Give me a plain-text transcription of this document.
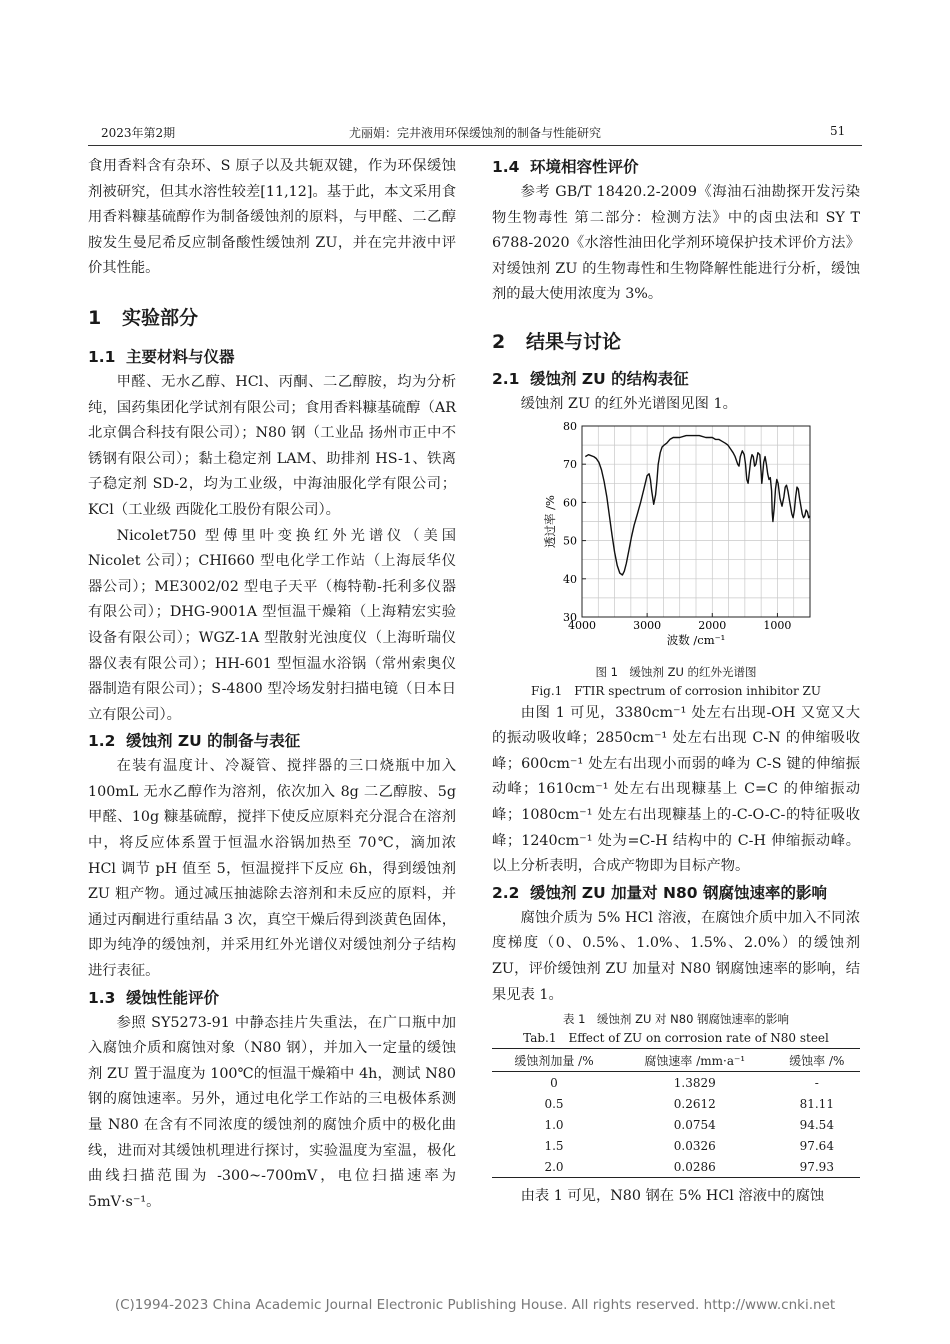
2023年第2期	尤丽娟：完井液用环保缓蚀剂的制备与性能研究	51

食用香料含有杂环、S 原子以及共轭双键，作为环保缓蚀剂被研究，但其水溶性较差[11,12]。基于此，本文采用食用香料糠基硫醇作为制备缓蚀剂的原料，与甲醛、二乙醇胺发生曼尼希反应制备酸性缓蚀剂 ZU，并在完井液中评价其性能。

1 实验部分
1.1 主要材料与仪器

甲醛、无水乙醇、HCl、丙酮、二乙醇胺，均为分析纯，国药集团化学试剂有限公司；食用香料糠基硫醇（AR 北京偶合科技有限公司）；N80 钢（工业品 扬州市正中不锈钢有限公司）；黏土稳定剂 LAM、助排剂 HS-1、铁离子稳定剂 SD-2，均为工业级，中海油服化学有限公司；KCl（工业级 西陇化工股份有限公司）。

Nicolet750 型傅里叶变换红外光谱仪（美国 Nicolet 公司）；CHI660 型电化学工作站（上海辰华仪器公司）；ME3002/02 型电子天平（梅特勒-托利多仪器有限公司）；DHG-9001A 型恒温干燥箱（上海精宏实验设备有限公司）；WGZ-1A 型散射光浊度仪（上海昕瑞仪器仪表有限公司）；HH-601 型恒温水浴锅（常州索奥仪器制造有限公司）；S-4800 型冷场发射扫描电镜（日本日立有限公司）。

1.2 缓蚀剂 ZU 的制备与表征

在装有温度计、冷凝管、搅拌器的三口烧瓶中加入 100mL 无水乙醇作为溶剂，依次加入 8g 二乙醇胺、5g 甲醛、10g 糠基硫醇，搅拌下使反应原料充分混合在溶剂中，将反应体系置于恒温水浴锅加热至 70℃，滴加浓 HCl 调节 pH 值至 5，恒温搅拌下反应 6h，得到缓蚀剂 ZU 粗产物。通过减压抽滤除去溶剂和未反应的原料，并通过丙酮进行重结晶 3 次，真空干燥后得到淡黄色固体，即为纯净的缓蚀剂，并采用红外光谱仪对缓蚀剂分子结构进行表征。

1.3 缓蚀性能评价

参照 SY5273-91 中静态挂片失重法，在广口瓶中加入腐蚀介质和腐蚀对象（N80 钢），并加入一定量的缓蚀剂 ZU 置于温度为 100℃的恒温干燥箱中 4h，测试 N80 钢的腐蚀速率。另外，通过电化学工作站的三电极体系测量 N80 在含有不同浓度的缓蚀剂的腐蚀介质中的极化曲线，进而对其缓蚀机理进行探讨，实验温度为室温，极化曲线扫描范围为 -300~-700mV，电位扫描速率为 5mV·s⁻¹。

1.4 环境相容性评价

参考 GB/T 18420.2-2009《海油石油勘探开发污染物生物毒性 第二部分：检测方法》中的卤虫法和 SY T 6788-2020《水溶性油田化学剂环境保护技术评价方法》对缓蚀剂 ZU 的生物毒性和生物降解性能进行分析，缓蚀剂的最大使用浓度为 3%。

2 结果与讨论
2.1 缓蚀剂 ZU 的结构表征

缓蚀剂 ZU 的红外光谱图见图 1。

30
40
50
60
70
80
4000	3000	2000	1000
波数 /cm⁻¹
透过率 /%

图 1　缓蚀剂 ZU 的红外光谱图

Fig.1　FTIR spectrum of corrosion inhibitor ZU

由图 1 可见，3380cm⁻¹ 处左右出现-OH 又宽又大的振动吸收峰；2850cm⁻¹ 处左右出现 C-N 的伸缩吸收峰；600cm⁻¹ 处左右出现小而弱的峰为 C-S 键的伸缩振动峰；1610cm⁻¹ 处左右出现糠基上 C=C 的伸缩振动峰；1080cm⁻¹ 处左右出现糠基上的-C-O-C-的特征吸收峰；1240cm⁻¹ 处为=C-H 结构中的 C-H 伸缩振动峰。以上分析表明，合成产物即为目标产物。

2.2 缓蚀剂 ZU 加量对 N80 钢腐蚀速率的影响

腐蚀介质为 5% HCl 溶液，在腐蚀介质中加入不同浓度梯度（0、0.5%、1.0%、1.5%、2.0%）的缓蚀剂 ZU，评价缓蚀剂 ZU 加量对 N80 钢腐蚀速率的影响，结果见表 1。

表 1　缓蚀剂 ZU 对 N80 钢腐蚀速率的影响

Tab.1　Effect of ZU on corrosion rate of N80 steel

缓蚀剂加量 /%	腐蚀速率 /mm·a⁻¹	缓蚀率 /%
0	1.3829	-
0.5	0.2612	81.11
1.0	0.0754	94.54
1.5	0.0326	97.64
2.0	0.0286	97.93

由表 1 可见，N80 钢在 5% HCl 溶液中的腐蚀

(C)1994-2023 China Academic Journal Electronic Publishing House. All rights reserved. http://www.cnki.net
